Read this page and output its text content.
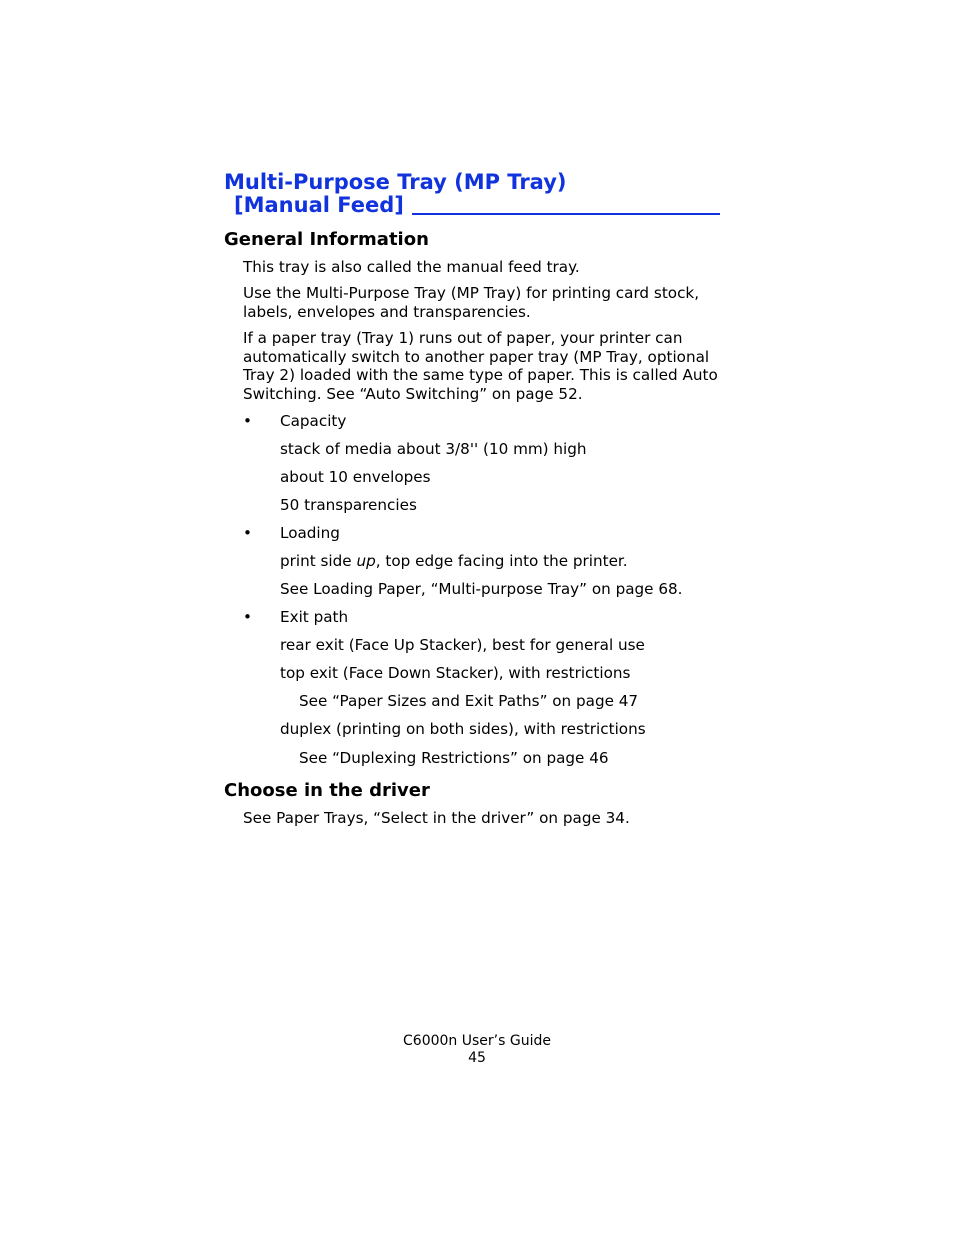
Multi-Purpose Tray (MP Tray)
[Manual Feed]
General Information
This tray is also called the manual feed tray.
Use the Multi-Purpose Tray (MP Tray) for printing card stock, labels, envelopes and transparencies.
If a paper tray (Tray 1) runs out of paper, your printer can automatically switch to another paper tray (MP Tray, optional Tray 2) loaded with the same type of paper. This is called Auto Switching. See “Auto Switching” on page 52.
• Capacity
stack of media about 3/8'' (10 mm) high
about 10 envelopes
50 transparencies
• Loading
print side up, top edge facing into the printer.
See Loading Paper, “Multi-purpose Tray” on page 68.
• Exit path
rear exit (Face Up Stacker), best for general use
top exit (Face Down Stacker), with restrictions
See “Paper Sizes and Exit Paths” on page 47
duplex (printing on both sides), with restrictions
See “Duplexing Restrictions” on page 46
Choose in the driver
See Paper Trays, “Select in the driver” on page 34.
C6000n User’s Guide
45
